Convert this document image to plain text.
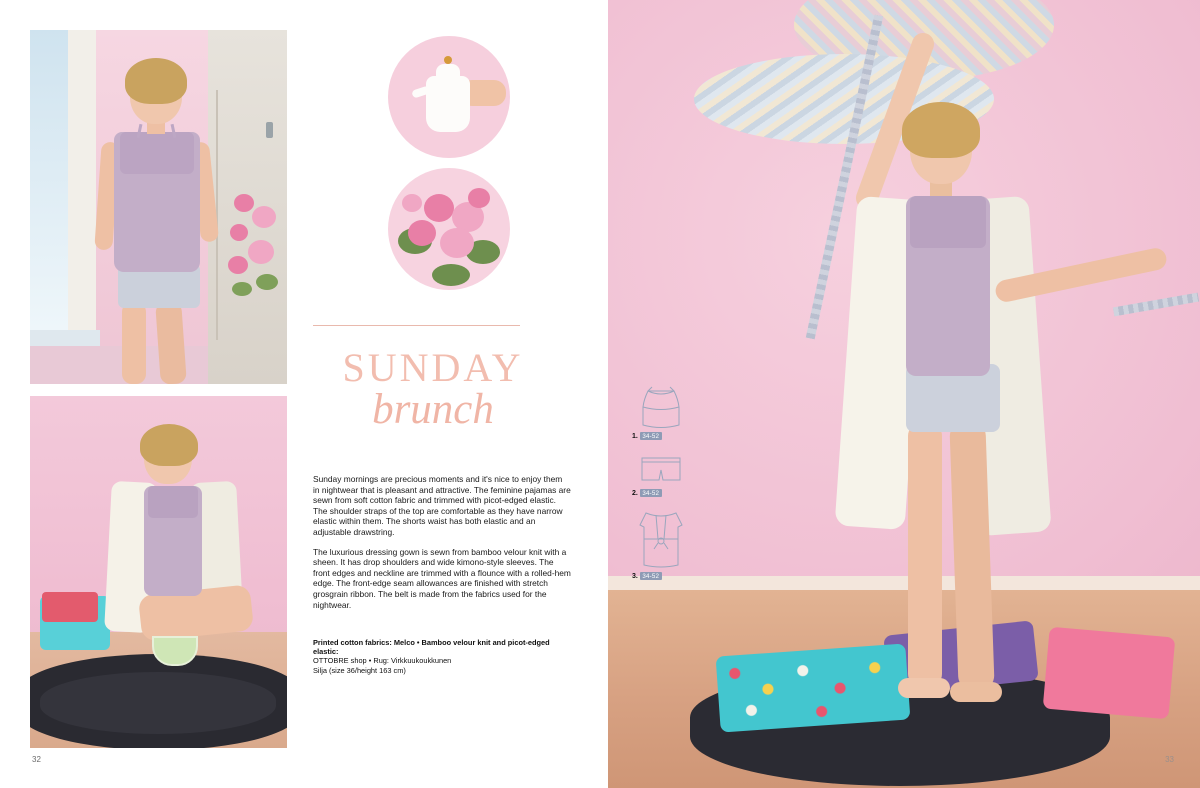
SUNDAY
brunch

Sunday mornings are precious moments and it's nice to enjoy them in nightwear that is pleasant and attractive. The feminine pajamas are sewn from soft cotton fabric and trimmed with picot-edged elastic. The shoulder straps of the top are comfortable as they have narrow elastic within them. The shorts waist has both elastic and an adjustable drawstring.

The luxurious dressing gown is sewn from bamboo velour knit with a sheen. It has drop shoulders and wide kimono-style sleeves. The front edges and neckline are trimmed with a flounce with a rolled-hem edge. The front-edge seam allowances are finished with stretch grosgrain ribbon. The belt is made from the fabrics used for the nightwear.

Printed cotton fabrics: Melco • Bamboo velour knit and picot-edged elastic:
OTTOBRE shop • Rug: Virkkuukoukkunen
Silja (size 36/height 163 cm)
32	33
1. 34-52
2. 34-52
3. 34-52
